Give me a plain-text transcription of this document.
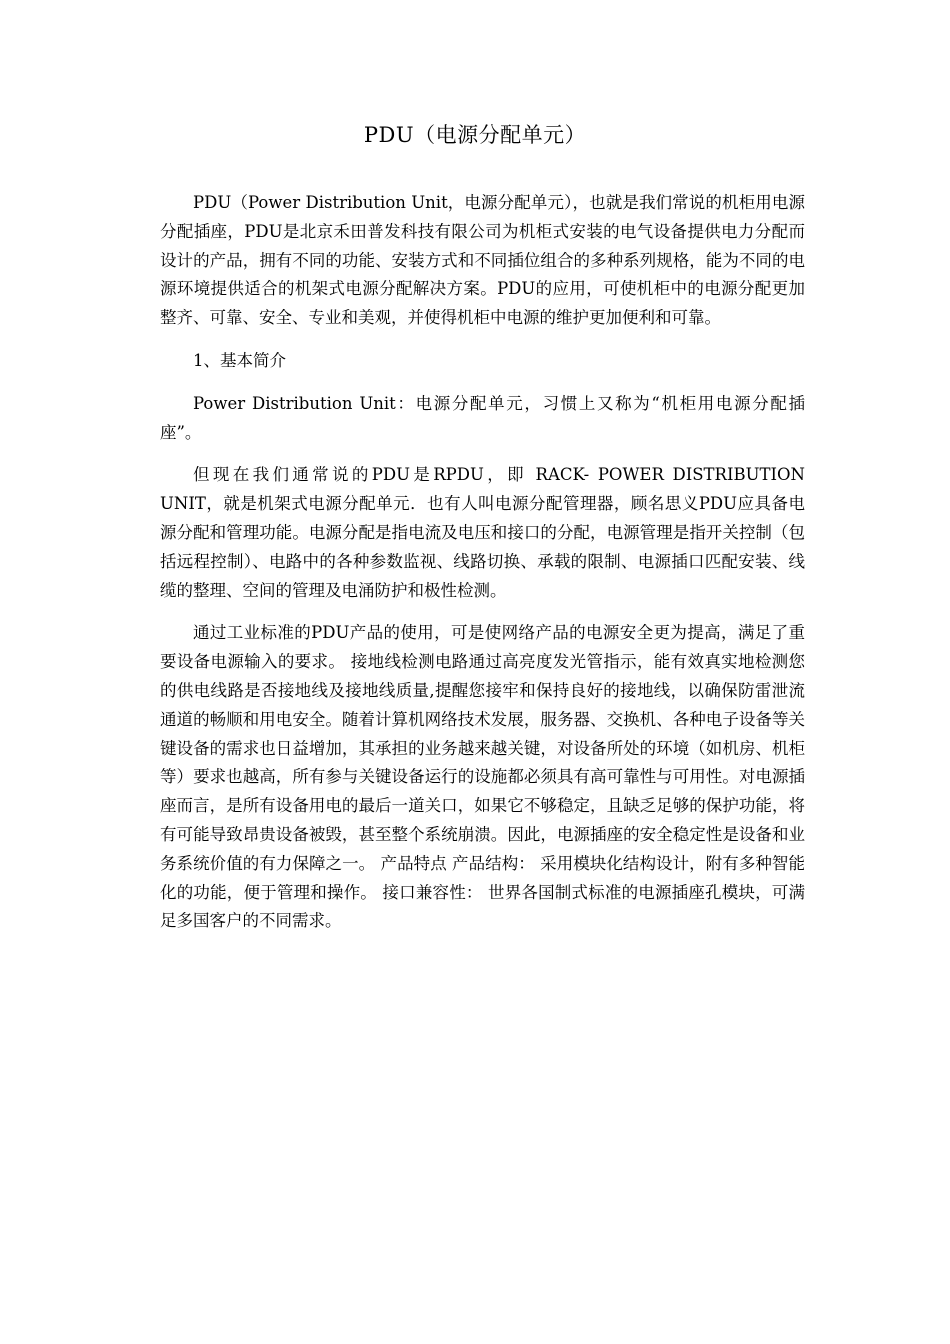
PDU（电源分配单元）

PDU（Power Distribution Unit，电源分配单元），也就是我们常说的机柜用电源分配插座，PDU是北京禾田普发科技有限公司为机柜式安装的电气设备提供电力分配而设计的产品，拥有不同的功能、安装方式和不同插位组合的多种系列规格，能为不同的电源环境提供适合的机架式电源分配解决方案。PDU的应用，可使机柜中的电源分配更加整齐、可靠、安全、专业和美观，并使得机柜中电源的维护更加便利和可靠。

1、基本简介

Power Distribution Unit：电源分配单元，习惯上又称为“机柜用电源分配插座”。

但现在我们通常说的PDU是RPDU，即 RACK- POWER DISTRIBUTION UNIT，就是机架式电源分配单元．也有人叫电源分配管理器，顾名思义PDU应具备电源分配和管理功能。电源分配是指电流及电压和接口的分配，电源管理是指开关控制（包括远程控制）、电路中的各种参数监视、线路切换、承载的限制、电源插口匹配安装、线缆的整理、空间的管理及电涌防护和极性检测。

通过工业标准的PDU产品的使用，可是使网络产品的电源安全更为提高，满足了重要设备电源输入的要求。 接地线检测电路通过高亮度发光管指示，能有效真实地检测您的供电线路是否接地线及接地线质量,提醒您接牢和保持良好的接地线，以确保防雷泄流通道的畅顺和用电安全。随着计算机网络技术发展，服务器、交换机、各种电子设备等关键设备的需求也日益增加，其承担的业务越来越关键，对设备所处的环境（如机房、机柜等）要求也越高，所有参与关键设备运行的设施都必须具有高可靠性与可用性。对电源插座而言，是所有设备用电的最后一道关口，如果它不够稳定，且缺乏足够的保护功能，将有可能导致昂贵设备被毁，甚至整个系统崩溃。因此，电源插座的安全稳定性是设备和业务系统价值的有力保障之一。 产品特点 产品结构： 采用模块化结构设计，附有多种智能化的功能，便于管理和操作。 接口兼容性： 世界各国制式标准的电源插座孔模块，可满足多国客户的不同需求。
